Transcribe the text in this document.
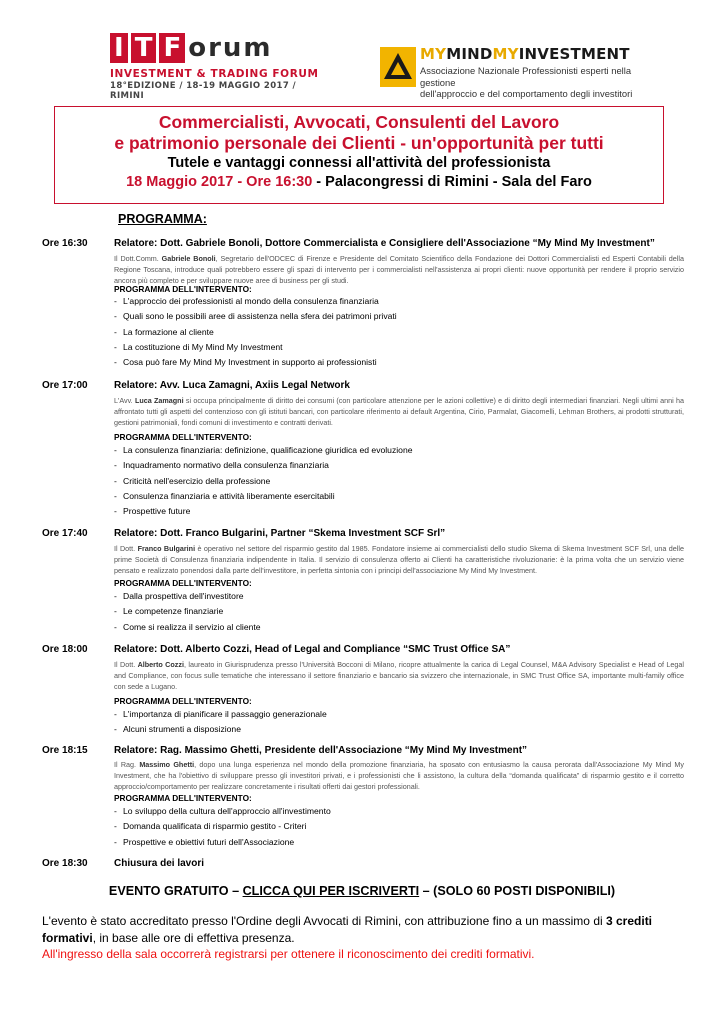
I T F orum
INVESTMENT & TRADING FORUM
18°EDIZIONE / 18-19 MAGGIO 2017 / RIMINI
MYMINDMYINVESTMENT
Associazione Nazionale Professionisti esperti nella gestione
dell'approccio e del comportamento degli investitori
Commercialisti, Avvocati, Consulenti del Lavoro
e patrimonio personale dei Clienti - un'opportunità per tutti
Tutele e vantaggi connessi all'attività del professionista
18 Maggio 2017 - Ore 16:30 - Palacongressi di Rimini - Sala del Faro
PROGRAMMA:
Ore 16:30	Relatore: Dott. Gabriele Bonoli, Dottore Commercialista e Consigliere dell'Associazione “My Mind My Investment”
Il Dott.Comm. Gabriele Bonoli, Segretario dell'ODCEC di Firenze e Presidente del Comitato Scientifico della Fondazione dei Dottori Commercialisti ed Esperti Contabili della Regione Toscana, introduce quali potrebbero essere gli spazi di intervento per i commercialisti nell'assistenza ai propri clienti: nuove opportunità per rendere il proprio servizio ancora più completo e per sviluppare nuove aree di business per gli studi.
PROGRAMMA DELL'INTERVENTO:
- L'approccio dei professionisti al mondo della consulenza finanziaria
- Quali sono le possibili aree di assistenza nella sfera dei patrimoni privati
- La formazione al cliente
- La costituzione di My Mind My Investment
- Cosa può fare My Mind My Investment in supporto ai professionisti
Ore 17:00	Relatore: Avv. Luca Zamagni, Axiis Legal Network
L'Avv. Luca Zamagni si occupa principalmente di diritto dei consumi (con particolare attenzione per le azioni collettive) e di diritto degli intermediari finanziari. Negli ultimi anni ha affrontato tutti gli aspetti del contenzioso con gli istituti bancari, con particolare riferimento ai default Argentina, Cirio, Parmalat, Giacomelli, Lehman Brothers, ai prodotti strutturati, gestioni patrimoniali, fondi comuni di investimento e contratti derivati.
PROGRAMMA DELL'INTERVENTO:
- La consulenza finanziaria: definizione, qualificazione giuridica ed evoluzione
- Inquadramento normativo della consulenza finanziaria
- Criticità nell'esercizio della professione
- Consulenza finanziaria e attività liberamente esercitabili
- Prospettive future
Ore 17:40	Relatore: Dott. Franco Bulgarini, Partner “Skema Investment SCF Srl”
Il Dott. Franco Bulgarini è operativo nel settore del risparmio gestito dal 1985. Fondatore insieme ai commercialisti dello studio Skema di Skema Investment SCF Srl, una delle prime Società di Consulenza finanziaria indipendente in Italia. Il servizio di consulenza offerto ai Clienti ha caratteristiche rivoluzionarie: è la prima volta che un servizio viene pensato e realizzato ponendosi dalla parte dell'investitore, in perfetta sintonia con i principi dell'associazione My Mind My Investment.
PROGRAMMA DELL'INTERVENTO:
- Dalla prospettiva dell'investitore
- Le competenze finanziarie
- Come si realizza il servizio al cliente
Ore 18:00	Relatore: Dott. Alberto Cozzi, Head of Legal and Compliance “SMC Trust Office SA”
Il Dott. Alberto Cozzi, laureato in Giurisprudenza presso l'Università Bocconi di Milano, ricopre attualmente la carica di Legal Counsel, M&A Advisory Specialist e Head of Legal and Compliance, con focus sulle tematiche che interessano il settore finanziario e bancario sia svizzero che internazionale, in SMC Trust Office SA, importante multi-family office con sede a Lugano.
PROGRAMMA DELL'INTERVENTO:
- L'importanza di pianificare il passaggio generazionale
- Alcuni strumenti a disposizione
Ore 18:15	Relatore: Rag. Massimo Ghetti, Presidente dell'Associazione “My Mind My Investment”
Il Rag. Massimo Ghetti, dopo una lunga esperienza nel mondo della promozione finanziaria, ha sposato con entusiasmo la causa perorata dall'Associazione My Mind My Investment, che ha l'obiettivo di sviluppare presso gli investitori privati, e i professionisti che li assistono, la cultura della “domanda qualificata” di risparmio gestito e il corretto approccio/comportamento per realizzare concretamente i risultati offerti dai gestori professionali.
PROGRAMMA DELL'INTERVENTO:
- Lo sviluppo della cultura dell'approccio all'investimento
- Domanda qualificata di risparmio gestito - Criteri
- Prospettive e obiettivi futuri dell'Associazione
Ore 18:30	Chiusura dei lavori
EVENTO GRATUITO – CLICCA QUI PER ISCRIVERTI – (SOLO 60 POSTI DISPONIBILI)
L'evento è stato accreditato presso l'Ordine degli Avvocati di Rimini, con attribuzione fino a un massimo di 3 crediti formativi, in base alle ore di effettiva presenza.
All'ingresso della sala occorrerà registrarsi per ottenere il riconoscimento dei crediti formativi.
